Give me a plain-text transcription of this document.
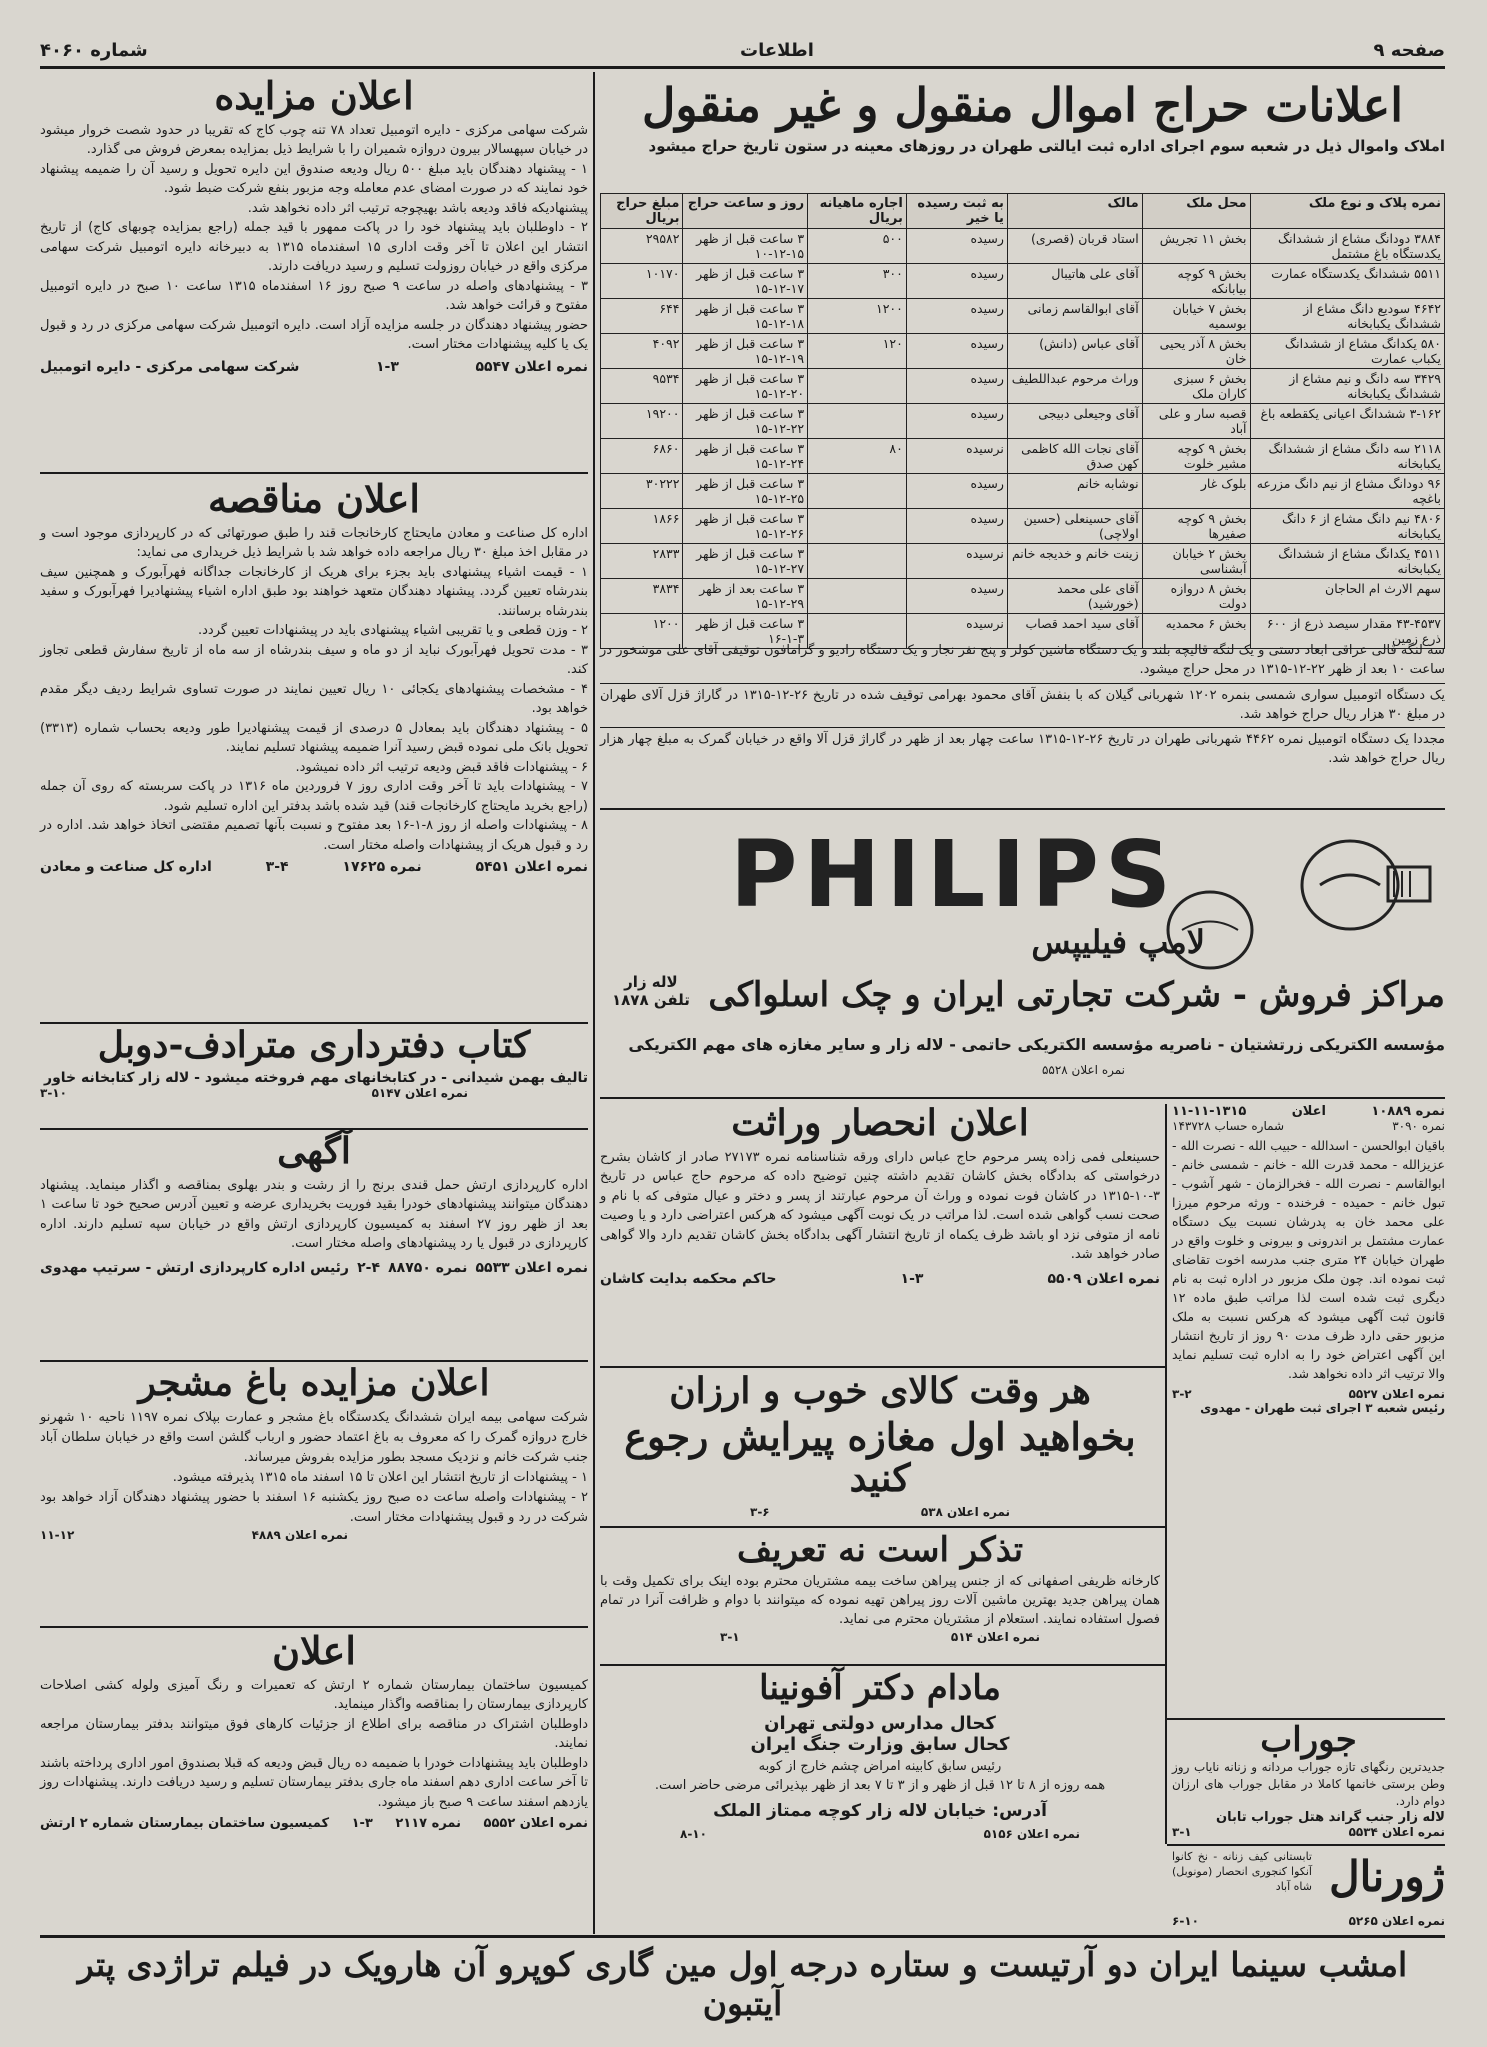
صفحه ۹
اطلاعات
شماره ۴۰۶۰
اعلانات حراج اموال منقول و غیر منقول
املاک واموال ذیل در شعبه سوم اجرای اداره ثبت ایالتی طهران در روزهای معینه در ستون تاریخ حراج میشود
نمره پلاک و نوع ملک	محل ملک	مالک	به ثبت رسیده یا خیر	اجاره ماهیانه بریال	روز و ساعت حراج	مبلغ حراج بریال
۳۸۸۴ دودانگ مشاع از ششدانگ یکدستگاه باغ مشتمل	بخش ۱۱ تجریش	استاد قربان (قصری)	رسیده	۵۰۰	۳ ساعت قبل از ظهر ۱۵-۱۲-۱۰	۲۹۵۸۲
۵۵۱۱ ششدانگ یکدستگاه عمارت	بخش ۹ کوچه بیابانکه	آقای علی هاتیبال	رسیده	۳۰۰	۳ ساعت قبل از ظهر ۱۷-۱۲-۱۵	۱۰۱۷۰
۴۶۴۲ سودیع دانگ مشاع از ششدانگ یکبابخانه	بخش ۷ خیابان بوسمیه	آقای ابوالقاسم زمانی	رسیده	۱۲۰۰	۳ ساعت قبل از ظهر ۱۸-۱۲-۱۵	۶۴۴
۵۸۰ یکدانگ مشاع از ششدانگ یکباب عمارت	بخش ۸ آذر یحیی خان	آقای عباس (دانش)	رسیده	۱۲۰	۳ ساعت قبل از ظهر ۱۹-۱۲-۱۵	۴۰۹۲
۳۴۲۹ سه دانگ و نیم مشاع از ششدانگ یکبابخانه	بخش ۶ سبزی کاران ملک	وراث مرحوم عبداللطیف	رسیده		۳ ساعت قبل از ظهر ۲۰-۱۲-۱۵	۹۵۳۴
۳-۱۶۲ ششدانگ اعیانی یکقطعه باغ	قصبه سار و علی آباد	آقای وجیعلی دبیجی	رسیده		۳ ساعت قبل از ظهر ۲۲-۱۲-۱۵	۱۹۲۰۰
۲۱۱۸ سه دانگ مشاع از ششدانگ یکبابخانه	بخش ۹ کوچه مشیر خلوت	آقای نجات الله کاظمی کهن صدق	نرسیده	۸۰	۳ ساعت قبل از ظهر ۲۴-۱۲-۱۵	۶۸۶۰
۹۶ دودانگ مشاع از نیم دانگ مزرعه باغچه	بلوک غار	نوشابه خانم	رسیده		۳ ساعت قبل از ظهر ۲۵-۱۲-۱۵	۳۰۲۲۲
۴۸۰۶ نیم دانگ مشاع از ۶ دانگ یکبابخانه	بخش ۹ کوچه صفیرها	آقای حسینعلی (حسین اولاچی)	رسیده		۳ ساعت قبل از ظهر ۲۶-۱۲-۱۵	۱۸۶۶
۴۵۱۱ یکدانگ مشاع از ششدانگ یکبابخانه	بخش ۲ خیابان آبشناسی	زینت خانم و خدیجه خانم	نرسیده		۳ ساعت قبل از ظهر ۲۷-۱۲-۱۵	۲۸۳۳
سهم الارث ام الحاجان	بخش ۸ دروازه دولت	آقای علی محمد (خورشید)	رسیده		۳ ساعت بعد از ظهر ۲۹-۱۲-۱۵	۳۸۳۴
۴۳-۴۵۳۷ مقدار سیصد ذرع از ۶۰۰ ذرع زمین	بخش ۶ محمدیه	آقای سید احمد قصاب	نرسیده		۳ ساعت قبل از ظهر ۳-۱-۱۶	۱۲۰۰
سه لنگه قالی عراقی ابعاد دستی و یک لنگه قالیچه بلند و یک دستگاه ماشین کولر و پنج نفر نجار و یک دستگاه رادیو و گرامافون توقیفی آقای علی موشخور در ساعت ۱۰ بعد از ظهر ۲۲-۱۲-۱۳۱۵ در محل حراج میشود.
یک دستگاه اتومبیل سواری شمسی بنمره ۱۲۰۲ شهربانی گیلان که با بنفش آقای محمود بهرامی توقیف شده در تاریخ ۲۶-۱۲-۱۳۱۵ در گاراژ قزل آلای طهران در مبلغ ۳۰ هزار ریال حراج خواهد شد.
مجددا یک دستگاه اتومبیل نمره ۴۴۶۲ شهربانی طهران در تاریخ ۲۶-۱۲-۱۳۱۵ ساعت چهار بعد از ظهر در گاراژ قزل آلا واقع در خیابان گمرک به مبلغ چهار هزار ریال حراج خواهد شد.
PHILIPS
لامپ فیلیپس
مراکز فروش - شرکت تجارتی ایران و چک اسلواکی
لاله زار
تلفن ۱۸۷۸
مؤسسه الکتریکی زرتشتیان - ناصریه مؤسسه الکتریکی حاتمی - لاله زار و سایر مغازه های مهم الکتریکی
نمره اعلان ۵۵۲۸
اعلان انحصار وراثت
حسینعلی فمی زاده پسر مرحوم حاج عباس دارای ورقه شناسنامه نمره ۲۷۱۷۳ صادر از کاشان بشرح درخواستی که بدادگاه بخش کاشان تقدیم داشته چنین توضیح داده که مرحوم حاج عباس در تاریخ ۳-۱۰-۱۳۱۵ در کاشان فوت نموده و وراث آن مرحوم عبارتند از پسر و دختر و عیال متوفی که با نام و صحت نسب گواهی شده است. لذا مراتب در یک نوبت آگهی میشود که هرکس اعتراضی دارد و یا وصیت نامه از متوفی نزد او باشد ظرف یکماه از تاریخ انتشار آگهی بدادگاه بخش کاشان تقدیم دارد والا گواهی صادر خواهد شد.
نمره اعلان ۵۵۰۹
۱-۳
حاکم محکمه بدایت کاشان
نمره ۱۰۸۸۹
اعلان
۱۱-۱۱-۱۳۱۵
نمره ۳۰۹۰
شماره حساب ۱۴۳۷۲۸
باقیان ابوالحسن - اسدالله - حبیب الله - نصرت الله - عزیزالله - محمد قدرت الله - خانم - شمسی خانم - ابوالقاسم - نصرت الله - فخرالزمان - شهر آشوب - تبول خانم - حمیده - فرخنده - ورثه مرحوم میرزا علی محمد خان به پدرشان نسبت بیک دستگاه عمارت مشتمل بر اندرونی و بیرونی و خلوت واقع در طهران خیابان ۲۴ متری جنب مدرسه اخوت تقاضای ثبت نموده اند. چون ملک مزبور در اداره ثبت به نام دیگری ثبت شده است لذا مراتب طبق ماده ۱۲ قانون ثبت آگهی میشود که هرکس نسبت به ملک مزبور حقی دارد ظرف مدت ۹۰ روز از تاریخ انتشار این آگهی اعتراض خود را به اداره ثبت تسلیم نماید والا ترتیب اثر داده نخواهد شد.
نمره اعلان ۵۵۲۷
۳-۲
رئیس شعبه ۳ اجرای ثبت طهران - مهدوی
هر وقت کالای خوب و ارزان
بخواهید اول مغازه پیرایش رجوع کنید
نمره اعلان ۵۳۸
۳-۶
تذکر است نه تعریف
کارخانه ظریفی اصفهانی که از جنس پیراهن ساخت بیمه مشتریان محترم بوده اینک برای تکمیل وقت با همان پیراهن جدید بهترین ماشین آلات روز پیراهن تهیه نموده که میتوانند با دوام و ظرافت آنرا در تمام فصول استفاده نمایند. استعلام از مشتریان محترم می نماید.
نمره اعلان ۵۱۴
۳-۱
مادام دکتر آفونینا
کحال مدارس دولتی تهران
کحال سابق وزارت جنگ ایران
رئیس سابق کابینه امراض چشم خارج از کوبه
همه روزه از ۸ تا ۱۲ قبل از ظهر و از ۳ تا ۷ بعد از ظهر بپذیرائی مرضی حاضر است.
آدرس: خیابان لاله زار کوچه ممتاز الملک
نمره اعلان ۵۱۵۶
۸-۱۰
جوراب
جدیدترین رنگهای تازه جوراب مردانه و زنانه نایاب روز وطن برستی خانمها کاملا در مقابل جوراب های ارزان دوام دارد.
لاله زار جنب گراند هتل جوراب تابان
نمره اعلان ۵۵۳۴
۳-۱
ژورنال
تابستانی کیف زنانه - نخ کانوا آنکوا کنجوری انحصار (مونوبل) شاه آباد
نمره اعلان ۵۲۶۵
۶-۱۰
اعلان مزایده
شرکت سهامی مرکزی - دایره اتومبیل تعداد ۷۸ تنه چوب کاج که تقریبا در حدود شصت خروار میشود در خیابان سپهسالار بیرون دروازه شمیران را با شرایط ذیل بمزایده بمعرض فروش می گذارد.
۱ - پیشنهاد دهندگان باید مبلغ ۵۰۰ ریال ودیعه صندوق این دایره تحویل و رسید آن را ضمیمه پیشنهاد خود نمایند که در صورت امضای عدم معامله وجه مزبور بنفع شرکت ضبط شود.
پیشنهادیکه فاقد ودیعه باشد بهیچوجه ترتیب اثر داده نخواهد شد.
۲ - داوطلبان باید پیشنهاد خود را در پاکت ممهور با قید جمله (راجع بمزایده چوبهای کاج) از تاریخ انتشار این اعلان تا آخر وقت اداری ۱۵ اسفندماه ۱۳۱۵ به دبیرخانه دایره اتومبیل شرکت سهامی مرکزی واقع در خیابان روزولت تسلیم و رسید دریافت دارند.
۳ - پیشنهادهای واصله در ساعت ۹ صبح روز ۱۶ اسفندماه ۱۳۱۵ ساعت ۱۰ صبح در دایره اتومبیل مفتوح و قرائت خواهد شد.
حضور پیشنهاد دهندگان در جلسه مزایده آزاد است. دایره اتومبیل شرکت سهامی مرکزی در رد و قبول یک یا کلیه پیشنهادات مختار است.
نمره اعلان ۵۵۴۷
۱-۳
شرکت سهامی مرکزی - دایره اتومبیل
اعلان مناقصه
اداره کل صناعت و معادن مایحتاج کارخانجات قند را طبق صورتهائی که در کارپردازی موجود است و در مقابل اخذ مبلغ ۳۰ ریال مراجعه داده خواهد شد با شرایط ذیل خریداری می نماید:
۱ - قیمت اشیاء پیشنهادی باید بجزء برای هریک از کارخانجات جداگانه فهرآبورک و همچنین سیف بندرشاه تعیین گردد. پیشنهاد دهندگان متعهد خواهند بود طبق اداره اشیاء پیشنهادیرا فهرآبورک و سفید بندرشاه برسانند.
۲ - وزن قطعی و یا تقریبی اشیاء پیشنهادی باید در پیشنهادات تعیین گردد.
۳ - مدت تحویل فهرآبورک نباید از دو ماه و سیف بندرشاه از سه ماه از تاریخ سفارش قطعی تجاوز کند.
۴ - مشخصات پیشنهادهای یکجائی ۱۰ ریال تعیین نمایند در صورت تساوی شرایط ردیف دیگر مقدم خواهد بود.
۵ - پیشنهاد دهندگان باید بمعادل ۵ درصدی از قیمت پیشنهادیرا طور ودیعه بحساب شماره (۳۳۱۳) تحویل بانک ملی نموده قبض رسید آنرا ضمیمه پیشنهاد تسلیم نمایند.
۶ - پیشنهادات فاقد قبض ودیعه ترتیب اثر داده نمیشود.
۷ - پیشنهادات باید تا آخر وقت اداری روز ۷ فروردین ماه ۱۳۱۶ در پاکت سربسته که روی آن جمله (راجع بخرید مایحتاج کارخانجات قند) قید شده باشد بدفتر این اداره تسلیم شود.
۸ - پیشنهادات واصله از روز ۸-۱-۱۶ بعد مفتوح و نسبت بآنها تصمیم مقتضی اتخاذ خواهد شد. اداره در رد و قبول هریک از پیشنهادات واصله مختار است.
نمره اعلان ۵۴۵۱
نمره ۱۷۶۲۵
۳-۴
اداره کل صناعت و معادن
کتاب دفترداری مترادف-دوبل
تالیف بهمن شیدانی - در کتابخانهای مهم فروخته میشود - لاله زار کتابخانه خاور
نمره اعلان ۵۱۴۷
۳-۱۰
آگهی
اداره کارپردازی ارتش حمل قندی برنج را از رشت و بندر بهلوی بمناقصه و اگذار مینماید. پیشنهاد دهندگان میتوانند پیشنهادهای خودرا بقید فوریت بخریداری عرضه و تعیین آدرس صحیح خود تا ساعت ۱ بعد از ظهر روز ۲۷ اسفند به کمیسیون کارپردازی ارتش واقع در خیابان سپه تسلیم دارند. اداره کارپردازی در قبول یا رد پیشنهادهای واصله مختار است.
نمره اعلان ۵۵۳۳
نمره ۸۸۷۵۰
۲-۴
رئیس اداره کارپردازی ارتش - سرتیپ مهدوی
اعلان مزایده باغ مشجر
شرکت سهامی بیمه ایران ششدانگ یکدستگاه باغ مشجر و عمارت بپلاک نمره ۱۱۹۷ ناحیه ۱۰ شهرنو خارج دروازه گمرک را که معروف به باغ اعتماد حضور و ارباب گلشن است واقع در خیابان سلطان آباد جنب شرکت خانم و نزدیک مسجد بطور مزایده بفروش میرساند.
۱ - پیشنهادات از تاریخ انتشار این اعلان تا ۱۵ اسفند ماه ۱۳۱۵ پذیرفته میشود.
۲ - پیشنهادات واصله ساعت ده صبح روز یکشنبه ۱۶ اسفند با حضور پیشنهاد دهندگان آزاد خواهد بود شرکت در رد و قبول پیشنهادات مختار است.
نمره اعلان ۴۸۸۹
۱۱-۱۲
اعلان
کمیسیون ساختمان بیمارستان شماره ۲ ارتش که تعمیرات و رنگ آمیزی ولوله کشی اصلاحات کارپردازی بیمارستان را بمناقصه واگذار مینماید.
داوطلبان اشتراک در مناقصه برای اطلاع از جزئیات کارهای فوق میتوانند بدفتر بیمارستان مراجعه نمایند.
داوطلبان باید پیشنهادات خودرا با ضمیمه ده ریال قبض ودیعه که قبلا بصندوق امور اداری پرداخته باشند تا آخر ساعت اداری دهم اسفند ماه جاری بدفتر بیمارستان تسلیم و رسید دریافت دارند. پیشنهادات روز یازدهم اسفند ساعت ۹ صبح باز میشود.
نمره اعلان ۵۵۵۲
نمره ۲۱۱۷
۱-۳
کمیسیون ساختمان بیمارستان شماره ۲ ارتش
امشب سینما ایران دو آرتیست و ستاره درجه اول مین گاری کوپرو آن هارویک در فیلم تراژدی پتر آیتبون
